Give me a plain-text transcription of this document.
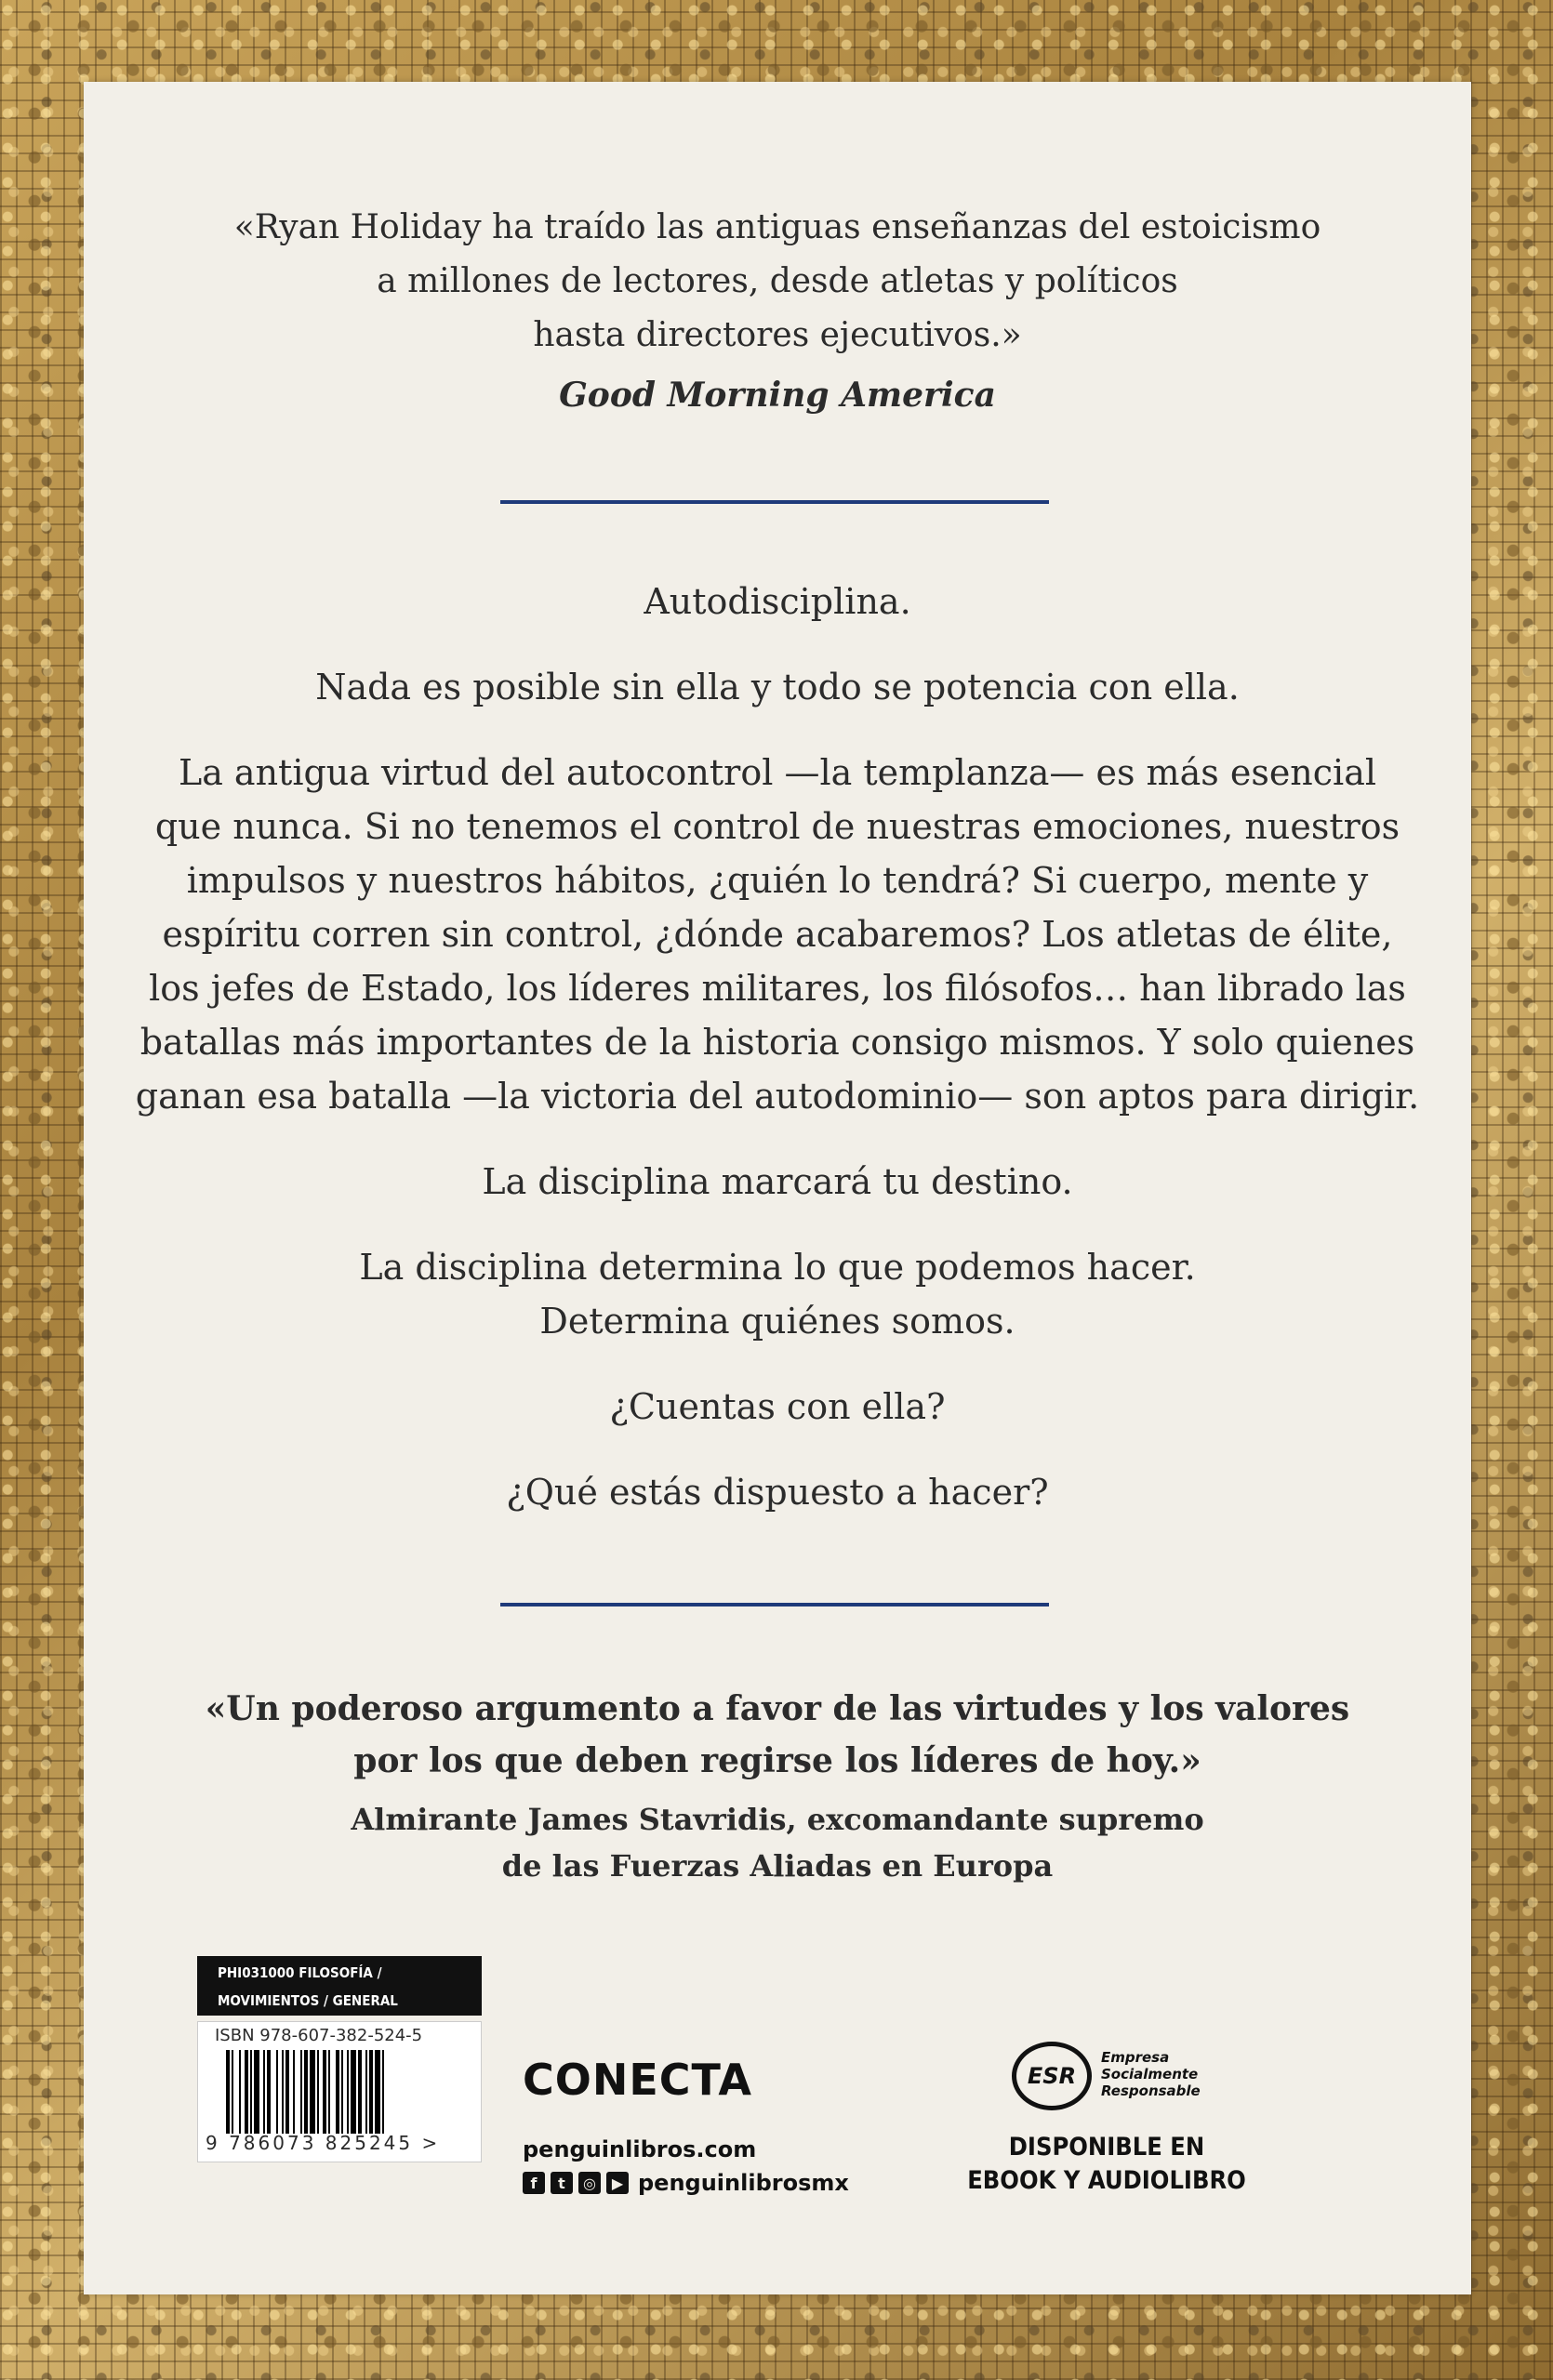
«Ryan Holiday ha traído las antiguas enseñanzas del estoicismo
a millones de lectores, desde atletas y políticos
hasta directores ejecutivos.»
Good Morning America

Autodisciplina.

Nada es posible sin ella y todo se potencia con ella.

La antigua virtud del autocontrol —la templanza— es más esencial
que nunca. Si no tenemos el control de nuestras emociones, nuestros
impulsos y nuestros hábitos, ¿quién lo tendrá? Si cuerpo, mente y
espíritu corren sin control, ¿dónde acabaremos? Los atletas de élite,
los jefes de Estado, los líderes militares, los filósofos… han librado las
batallas más importantes de la historia consigo mismos. Y solo quienes
ganan esa batalla —la victoria del autodominio— son aptos para dirigir.

La disciplina marcará tu destino.

La disciplina determina lo que podemos hacer.
Determina quiénes somos.

¿Cuentas con ella?

¿Qué estás dispuesto a hacer?

«Un poderoso argumento a favor de las virtudes y los valores
por los que deben regirse los líderes de hoy.»
Almirante James Stavridis, excomandante supremo
de las Fuerzas Aliadas en Europa
PHI031000 FILOSOFÍA /
MOVIMIENTOS / GENERAL
ISBN 978-607-382-524-5
9 786073 825245 >
CONECTA
penguinlibros.com
f	t	◎	▶ penguinlibrosmx
ESR
Empresa
Socialmente
Responsable
DISPONIBLE EN
EBOOK Y AUDIOLIBRO
